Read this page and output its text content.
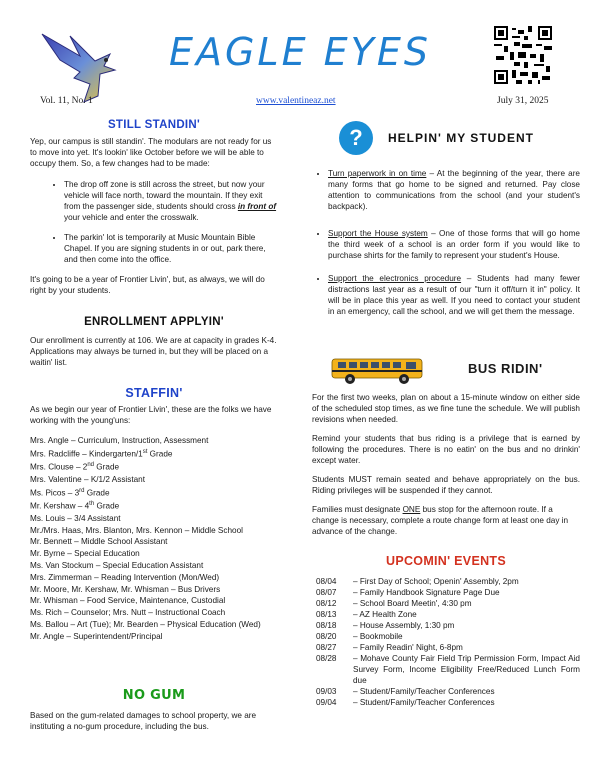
EAGLE EYES
Vol. 11, No. 1	www.valentineaz.net	July 31, 2025
STILL STANDIN'

Yep, our campus is still standin'. The modulars are not ready for us to move into yet. It's lookin' like October before we will be able to occupy them. So, a few changes had to be made:

• The drop off zone is still across the street, but now your vehicle will face north, toward the mountain. If they exit from the passenger side, students should cross in front of your vehicle and enter the crosswalk.
• The parkin' lot is temporarily at Music Mountain Bible Chapel. If you are signing students in or out, park there, and then come into the office.

It's going to be a year of Frontier Livin', but, as always, we will do right by your students.

ENROLLMENT APPLYIN'

Our enrollment is currently at 106. We are at capacity in grades K-4. Applications may always be turned in, but they will be placed on a waitin' list.

STAFFIN'

As we begin our year of Frontier Livin', these are the folks we have working with the young'uns:

Mrs. Angle – Curriculum, Instruction, Assessment
Mrs. Radcliffe – Kindergarten/1st Grade
Mrs. Clouse – 2nd Grade
Mrs. Valentine – K/1/2 Assistant
Ms. Picos – 3rd Grade
Mr. Kershaw – 4th Grade
Ms. Louis – 3/4 Assistant
Mr./Mrs. Haas, Mrs. Blanton, Mrs. Kennon – Middle School
Mr. Bennett – Middle School Assistant
Mr. Byrne – Special Education
Ms. Van Stockum – Special Education Assistant
Mrs. Zimmerman – Reading Intervention (Mon/Wed)
Mr. Moore, Mr. Kershaw, Mr. Whisman – Bus Drivers
Mr. Whisman – Food Service, Maintenance, Custodial
Ms. Rich – Counselor; Mrs. Nutt – Instructional Coach
Ms. Ballou – Art (Tue); Mr. Bearden – Physical Education (Wed)
Mr. Angle – Superintendent/Principal
NO GUM

Based on the gum-related damages to school property, we are instituting a no-gum procedure, including the bus.

?	HELPIN' MY STUDENT
• Turn paperwork in on time – At the beginning of the year, there are many forms that go home to be signed and returned. Pay close attention to communications from the school (and your student's backpack).
• Support the House system – One of those forms that will go home the third week of a school is an order form if you would like to purchase shirts for the family to represent your student's House.
• Support the electronics procedure – Students had many fewer distractions last year as a result of our "turn it off/turn it in" policy. It will be in place this year as well. If you need to contact your student in an emergency, call the school, and we will get them the message.
BUS RIDIN'

For the first two weeks, plan on about a 15-minute window on either side of the scheduled stop times, as we fine tune the schedule. We will publish revisions when needed.

Remind your students that bus riding is a privilege that is earned by following the procedures. There is no eatin' on the bus and no drinkin' except water.

Students MUST remain seated and behave appropriately on the bus. Riding privileges will be suspended if they cannot.

Families must designate ONE bus stop for the afternoon route. If a change is necessary, complete a route change form at least one day in advance of the change.

UPCOMIN' EVENTS
08/04	– First Day of School; Openin' Assembly, 2pm
08/07	– Family Handbook Signature Page Due
08/12	– School Board Meetin', 4:30 pm
08/13	– AZ Health Zone
08/18	– House Assembly, 1:30 pm
08/20	– Bookmobile
08/27	– Family Readin' Night, 6-8pm
08/28	– Mohave County Fair Field Trip Permission Form, Impact Aid Survey Form, Income Eligibility Free/Reduced Lunch Form due
09/03	– Student/Family/Teacher Conferences
09/04	– Student/Family/Teacher Conferences
